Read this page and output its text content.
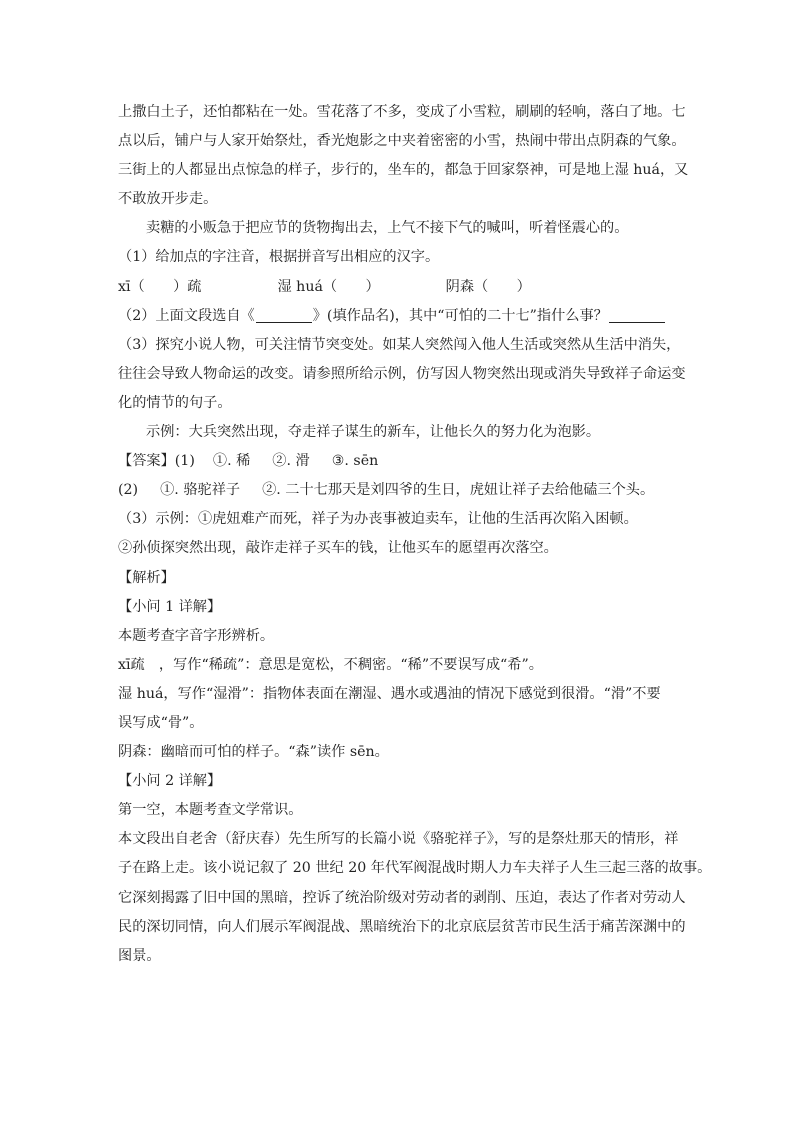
上撒白土子，还怕都粘在一处。雪花落了不多，变成了小雪粒，刷刷的轻响，落白了地。七
点以后，铺户与人家开始祭灶，香光炮影之中夹着密密的小雪，热闹中带出点阴森的气象。
三街上的人都显出点惊急的样子，步行的，坐车的，都急于回家祭神，可是地上湿 huá，又
不敢放开步走。
卖糖的小贩急于把应节的货物掏出去，上气不接下气的喊叫，听着怪震心的。
（1）给加点的字注音，根据拼音写出相应的汉字。
xī（　　）疏	湿 huá（　　）	阴森（　　）
（2）上面文段选自《	》(填作品名)，其中“可怕的二十七”指什么事？
（3）探究小说人物，可关注情节突变处。如某人突然闯入他人生活或突然从生活中消失，
往往会导致人物命运的改变。请参照所给示例，仿写因人物突然出现或消失导致祥子命运变
化的情节的句子。
示例：大兵突然出现，夺走祥子谋生的新车，让他长久的努力化为泡影。
【答案】(1) ①. 稀 ②. 滑 ③. sēn
(2) ①. 骆驼祥子 ②. 二十七那天是刘四爷的生日，虎妞让祥子去给他磕三个头。
（3）示例：①虎妞难产而死，祥子为办丧事被迫卖车，让他的生活再次陷入困顿。
②孙侦探突然出现，敲诈走祥子买车的钱，让他买车的愿望再次落空。
【解析】
【小问 1 详解】
本题考查字音字形辨析。
xī疏　，写作“稀疏”：意思是宽松，不稠密。“稀”不要误写成“希”。
湿 huá，写作“湿滑”：指物体表面在潮湿、遇水或遇油的情况下感觉到很滑。“滑”不要
误写成“骨”。
阴森：幽暗而可怕的样子。“森”读作 sēn。
【小问 2 详解】
第一空，本题考查文学常识。
本文段出自老舍（舒庆春）先生所写的长篇小说《骆驼祥子》，写的是祭灶那天的情形，祥
子在路上走。该小说记叙了 20 世纪 20 年代军阀混战时期人力车夫祥子人生三起三落的故事。
它深刻揭露了旧中国的黑暗，控诉了统治阶级对劳动者的剥削、压迫，表达了作者对劳动人
民的深切同情，向人们展示军阀混战、黑暗统治下的北京底层贫苦市民生活于痛苦深渊中的
图景。
